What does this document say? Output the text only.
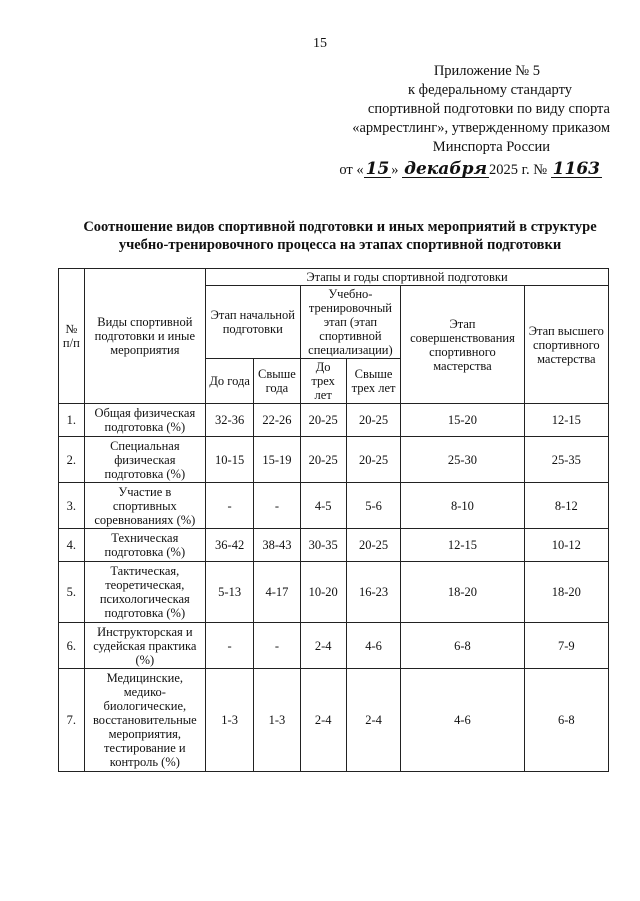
15
Приложение № 5
к федеральному стандарту
спортивной подготовки по виду спорта
«армрестлинг», утвержденному приказом
Минспорта России
от « 15 » декабря 2025 г. № 1163
Соотношение видов спортивной подготовки и иных мероприятий в структуре
учебно-тренировочного процесса на этапах спортивной подготовки
№ п/п	Виды спортивной подготовки и иные мероприятия	Этапы и годы спортивной подготовки					
		Этап начальной подготовки		Учебно-тренировочный этап (этап спортивной специализации)		Этап совершенствования спортивного мастерства	Этап высшего спортивного мастерства
		До года	Свыше года	До трех лет	Свыше трех лет		
1.	Общая физическая подготовка (%)	32-36	22-26	20-25	20-25	15-20	12-15
2.	Специальная физическая подготовка (%)	10-15	15-19	20-25	20-25	25-30	25-35
3.	Участие в спортивных соревнованиях (%)	-	-	4-5	5-6	8-10	8-12
4.	Техническая подготовка (%)	36-42	38-43	30-35	20-25	12-15	10-12
5.	Тактическая, теоретическая, психологическая подготовка (%)	5-13	4-17	10-20	16-23	18-20	18-20
6.	Инструкторская и судейская практика (%)	-	-	2-4	4-6	6-8	7-9
7.	Медицинские, медико-биологические, восстановительные мероприятия, тестирование и контроль (%)	1-3	1-3	2-4	2-4	4-6	6-8
